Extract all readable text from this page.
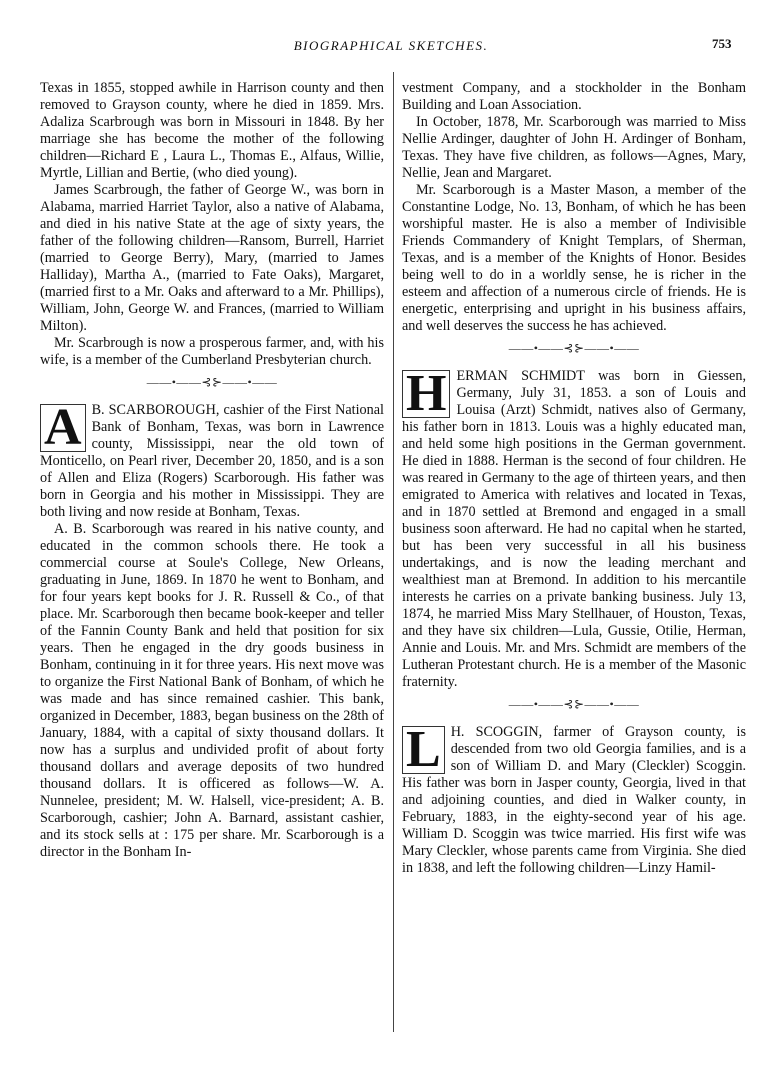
BIOGRAPHICAL SKETCHES.	753

Texas in 1855, stopped awhile in Harrison county and then removed to Grayson county, where he died in 1859. Mrs. Adaliza Scarbrough was born in Missouri in 1848. By her marriage she has become the mother of the following children—Richard E , Laura L., Thomas E., Alfaus, Willie, Myrtle, Lillian and Bertie, (who died young).

James Scarbrough, the father of George W., was born in Alabama, married Harriet Taylor, also a native of Alabama, and died in his native State at the age of sixty years, the father of the following children—Ransom, Burrell, Harriet (married to George Berry), Mary, (married to James Halliday), Martha A., (married to Fate Oaks), Margaret, (married first to a Mr. Oaks and afterward to a Mr. Phillips), William, John, George W. and Frances, (married to William Milton).

Mr. Scarbrough is now a prosperous farmer, and, with his wife, is a member of the Cumberland Presbyterian church.

——•——⊰⊱——•——
A B. SCARBOROUGH, cashier of the First National Bank of Bonham, Texas, was born in Lawrence county, Mississippi, near the old town of Monticello, on Pearl river, December 20, 1850, and is a son of Allen and Eliza (Rogers) Scarborough. His father was born in Georgia and his mother in Mississippi. They are both living and now reside at Bonham, Texas.

A. B. Scarborough was reared in his native county, and educated in the common schools there. He took a commercial course at Soule's College, New Orleans, graduating in June, 1869. In 1870 he went to Bonham, and for four years kept books for J. R. Russell & Co., of that place. Mr. Scarborough then became book-keeper and teller of the Fannin County Bank and held that position for six years. Then he engaged in the dry goods business in Bonham, continuing in it for three years. His next move was to organize the First National Bank of Bonham, of which he was made and has since remained cashier. This bank, organized in December, 1883, began business on the 28th of January, 1884, with a capital of sixty thousand dollars. It now has a surplus and undivided profit of about forty thousand dollars and average deposits of two hundred thousand dollars. It is officered as follows—W. A. Nunnelee, president; M. W. Halsell, vice-president; A. B. Scarborough, cashier; John A. Barnard, assistant cashier, and its stock sells at : 175 per share. Mr. Scarborough is a director in the Bonham In-

vestment Company, and a stockholder in the Bonham Building and Loan Association.

In October, 1878, Mr. Scarborough was married to Miss Nellie Ardinger, daughter of John H. Ardinger of Bonham, Texas. They have five children, as follows—Agnes, Mary, Nellie, Jean and Margaret.

Mr. Scarborough is a Master Mason, a member of the Constantine Lodge, No. 13, Bonham, of which he has been worshipful master. He is also a member of Indivisible Friends Commandery of Knight Templars, of Sherman, Texas, and is a member of the Knights of Honor. Besides being well to do in a worldly sense, he is richer in the esteem and affection of a numerous circle of friends. He is energetic, enterprising and upright in his business affairs, and well deserves the success he has achieved.

——•——⊰⊱——•——
H ERMAN SCHMIDT was born in Giessen, Germany, July 31, 1853. a son of Louis and Louisa (Arzt) Schmidt, natives also of Germany, his father born in 1813. Louis was a highly educated man, and held some high positions in the German government. He died in 1888. Herman is the second of four children. He was reared in Germany to the age of thirteen years, and then emigrated to America with relatives and located in Texas, and in 1870 settled at Bremond and engaged in a small business soon afterward. He had no capital when he started, but has been very successful in all his business undertakings, and is now the leading merchant and wealthiest man at Bremond. In addition to his mercantile interests he carries on a private banking business. July 13, 1874, he married Miss Mary Stellhauer, of Houston, Texas, and they have six children—Lula, Gussie, Otilie, Herman, Annie and Louis. Mr. and Mrs. Schmidt are members of the Lutheran Protestant church. He is a member of the Masonic fraternity.

——•——⊰⊱——•——
L H. SCOGGIN, farmer of Grayson county, is descended from two old Georgia families, and is a son of William D. and Mary (Cleckler) Scoggin. His father was born in Jasper county, Georgia, lived in that and adjoining counties, and died in Walker county, in February, 1883, in the eighty-second year of his age. William D. Scoggin was twice married. His first wife was Mary Cleckler, whose parents came from Virginia. She died in 1838, and left the following children—Linzy Hamil-
